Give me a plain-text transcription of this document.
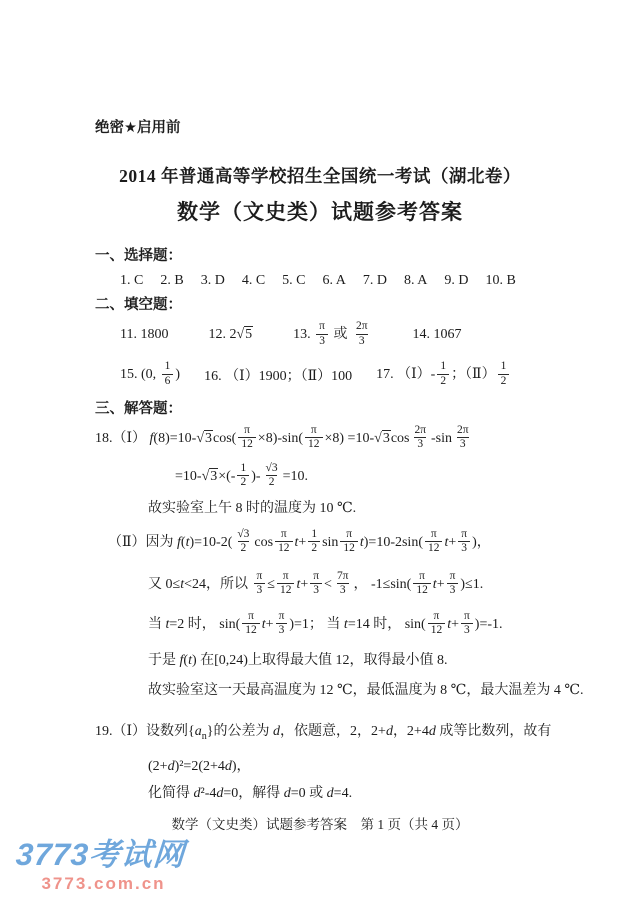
绝密★启用前
2014 年普通高等学校招生全国统一考试（湖北卷）
数学（文史类）试题参考答案
一、选择题：
1. C 2. B 3. D 4. C 5. C 6. A 7. D 8. A 9. D 10. B
二、填空题：
11. 1800	12. 2√5	13. $\frac{\pi}{3}$ 或 $\frac{2\pi}{3}$	14. 1067
15. (0, $\frac{1}{6}$ ) 16. （Ⅰ）1900；（Ⅱ）100 17. （Ⅰ）- $\frac{1}{2}$ ；（Ⅱ） $\frac{1}{2}$
三、解答题：
18.（Ⅰ） $f(8)=10-√3\cos( \frac{\pi}{12} \times 8)-\sin( \frac{\pi}{12} \times 8) =10-√3\cos \frac{2\pi}{3} -\sin \frac{2\pi}{3}$
$=10-√3\times(- \frac{1}{2}$ )- $\frac{√3}{2} =10$.
故实验室上午 8 时的温度为 10 ℃.
（Ⅱ）因为 $f(t)=10-2( \frac{√3}{2}$ $\cos \frac{\pi}{12} t+ \frac{1}{2}$ $\sin \frac{\pi}{12} t)=10-2\sin( \frac{\pi}{12} t+ \frac{\pi}{3}$ )，
又 0≤t<24，所以 $\frac{\pi}{3} \le \frac{\pi}{12} t+ \frac{\pi}{3} < \frac{7\pi}{3}$ ， $-1\le\sin( \frac{\pi}{12} t+ \frac{\pi}{3} )\le 1$.
当 t=2 时， $\sin( \frac{\pi}{12} t+ \frac{\pi}{3} )=1$； 当 t=14 时， $\sin( \frac{\pi}{12} t+ \frac{\pi}{3} )=-1$.
于是 f(t) 在[0,24)上取得最大值 12，取得最小值 8.
故实验室这一天最高温度为 12 ℃，最低温度为 8 ℃，最大温差为 4 ℃.
19.（Ⅰ）设数列$\{a_n\}$的公差为 d，依题意，2，2+d，2+4d 成等比数列，故有
(2+d)²=2(2+4d)，
化简得 d²-4d=0，解得 d=0 或 d=4.
数学（文史类）试题参考答案　第 1 页（共 4 页）
3773考试网
3773.com.cn
